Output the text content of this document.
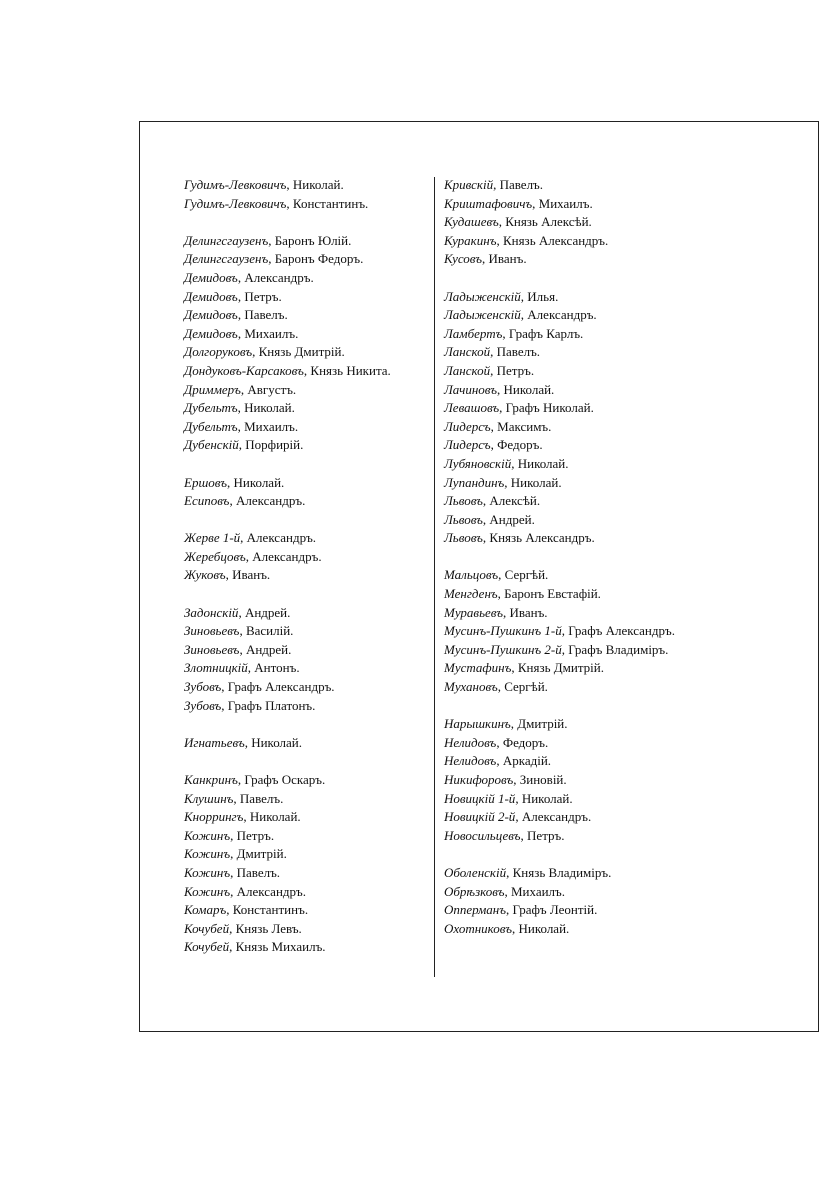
Гудимъ-Левковичъ, Николай.
Гудимъ-Левковичъ, Константинъ.
Делингсгаузенъ, Баронъ Юлiй.
Делингсгаузенъ, Баронъ Федоръ.
Демидовъ, Александръ.
Демидовъ, Петръ.
Демидовъ, Павелъ.
Демидовъ, Михаилъ.
Долгоруковъ, Князь Дмитрiй.
Дондуковъ-Карсаковъ, Князь Никита.
Дриммеръ, Августъ.
Дубельтъ, Николай.
Дубельтъ, Михаилъ.
Дубенскiй, Порфирiй.
Ершовъ, Николай.
Есиповъ, Александръ.
Жерве 1-й, Александръ.
Жеребцовъ, Александръ.
Жуковъ, Иванъ.
Задонскiй, Андрей.
Зиновьевъ, Василiй.
Зиновьевъ, Андрей.
Злотницкiй, Антонъ.
Зубовъ, Графъ Александръ.
Зубовъ, Графъ Платонъ.
Игнатьевъ, Николай.
Канкринъ, Графъ Оскаръ.
Клушинъ, Павелъ.
Кноррингъ, Николай.
Кожинъ, Петръ.
Кожинъ, Дмитрiй.
Кожинъ, Павелъ.
Кожинъ, Александръ.
Комаръ, Константинъ.
Кочубей, Князь Левъ.
Кочубей, Князь Михаилъ.
Кривскiй, Павелъ.
Криштафовичъ, Михаилъ.
Кудашевъ, Князь Алексѣй.
Куракинъ, Князь Александръ.
Кусовъ, Иванъ.
Ладыженскiй, Илья.
Ладыженскiй, Александръ.
Ламбертъ, Графъ Карлъ.
Ланской, Павелъ.
Ланской, Петръ.
Лачиновъ, Николай.
Левашовъ, Графъ Николай.
Лидерсъ, Максимъ.
Лидерсъ, Федоръ.
Лубяновскiй, Николай.
Лупандинъ, Николай.
Львовъ, Алексѣй.
Львовъ, Андрей.
Львовъ, Князь Александръ.
Мальцовъ, Сергѣй.
Менгденъ, Баронъ Евстафiй.
Муравьевъ, Иванъ.
Мусинъ-Пушкинъ 1-й, Графъ Александръ.
Мусинъ-Пушкинъ 2-й, Графъ Владимiръ.
Мустафинъ, Князь Дмитрiй.
Мухановъ, Сергѣй.
Нарышкинъ, Дмитрiй.
Нелидовъ, Федоръ.
Нелидовъ, Аркадiй.
Никифоровъ, Зиновiй.
Новицкiй 1-й, Николай.
Новицкiй 2-й, Александръ.
Новосильцевъ, Петръ.
Оболенскiй, Князь Владимiръ.
Обрѣзковъ, Михаилъ.
Опперманъ, Графъ Леонтiй.
Охотниковъ, Николай.
